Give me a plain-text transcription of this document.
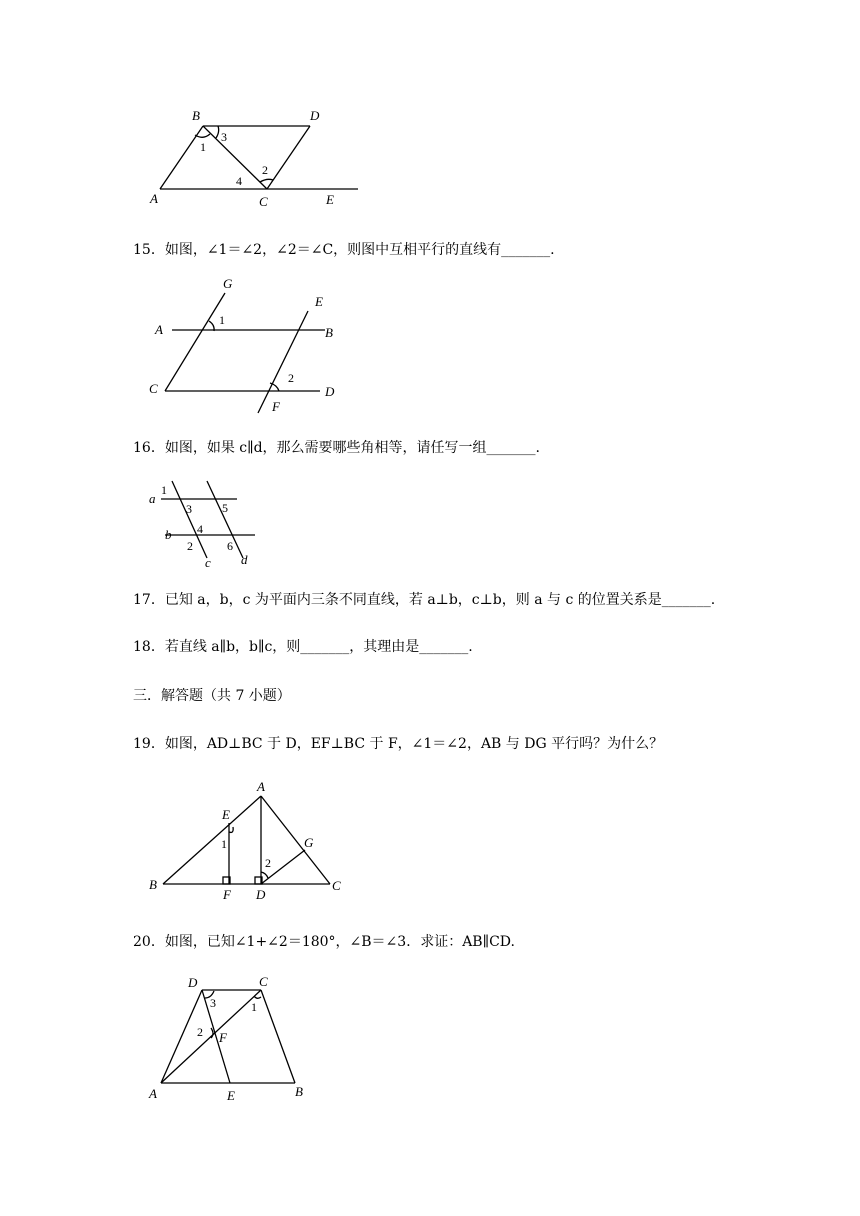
B	D
A	C	E
1
2
3
4
15．如图，∠1＝∠2，∠2＝∠C，则图中互相平行的直线有_______.
G
E
A	B
C	D
F
1
2
16．如图，如果 c∥d，那么需要哪些角相等，请任写一组_______.
a
b
c d
1
3	5
4
2	6
17．已知 a，b，c 为平面内三条不同直线，若 a⊥b，c⊥b，则 a 与 c 的位置关系是_______.
18．若直线 a∥b，b∥c，则_______，其理由是_______.
三．解答题（共 7 小题）
19．如图，AD⊥BC 于 D，EF⊥BC 于 F，∠1＝∠2，AB 与 DG 平行吗？为什么？
A
E
G
B
F D
C
1
2
20．如图，已知∠1+∠2＝180°，∠B＝∠3．求证：AB∥CD.
D	C
A	E	B
F
3	1
2
